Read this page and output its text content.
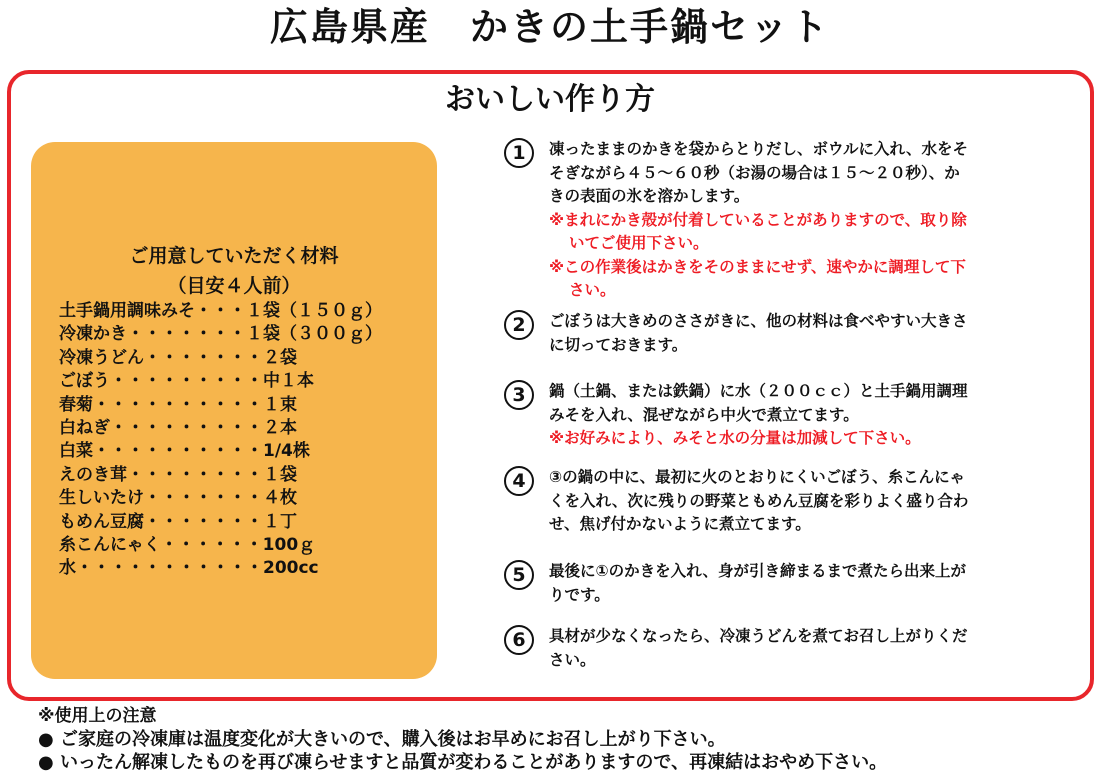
広島県産　かきの土手鍋セット
おいしい作り方
ご用意していただく材料
（目安４人前）
土手鍋用調味みそ・・・１袋（１５０ｇ）
冷凍かき・・・・・・・１袋（３００ｇ）
冷凍うどん・・・・・・・２袋
ごぼう・・・・・・・・・中１本
春菊・・・・・・・・・・１束
白ねぎ・・・・・・・・・２本
白菜・・・・・・・・・・1/4株
えのき茸・・・・・・・・１袋
生しいたけ・・・・・・・４枚
もめん豆腐・・・・・・・１丁
糸こんにゃく・・・・・・100ｇ
水・・・・・・・・・・・200cc
1	凍ったままのかきを袋からとりだし、ボウルに入れ、水をそ
そぎながら４５～６０秒（お湯の場合は１５～２０秒）、か
きの表面の氷を溶かします。
※まれにかき殻が付着していることがありますので、取り除
いてご使用下さい。
※この作業後はかきをそのままにせず、速やかに調理して下
さい。
2	ごぼうは大きめのささがきに、他の材料は食べやすい大きさ
に切っておきます。
3	鍋（土鍋、または鉄鍋）に水（２００ｃｃ）と土手鍋用調理
みそを入れ、混ぜながら中火で煮立てます。
※お好みにより、みそと水の分量は加減して下さい。
4	③の鍋の中に、最初に火のとおりにくいごぼう、糸こんにゃ
くを入れ、次に残りの野菜ともめん豆腐を彩りよく盛り合わ
せ、焦げ付かないように煮立てます。
5	最後に①のかきを入れ、身が引き締まるまで煮たら出来上が
りです。
6	具材が少なくなったら、冷凍うどんを煮てお召し上がりくだ
さい。
※使用上の注意
● ご家庭の冷凍庫は温度変化が大きいので、購入後はお早めにお召し上がり下さい。
● いったん解凍したものを再び凍らせますと品質が変わることがありますので、再凍結はおやめ下さい。
